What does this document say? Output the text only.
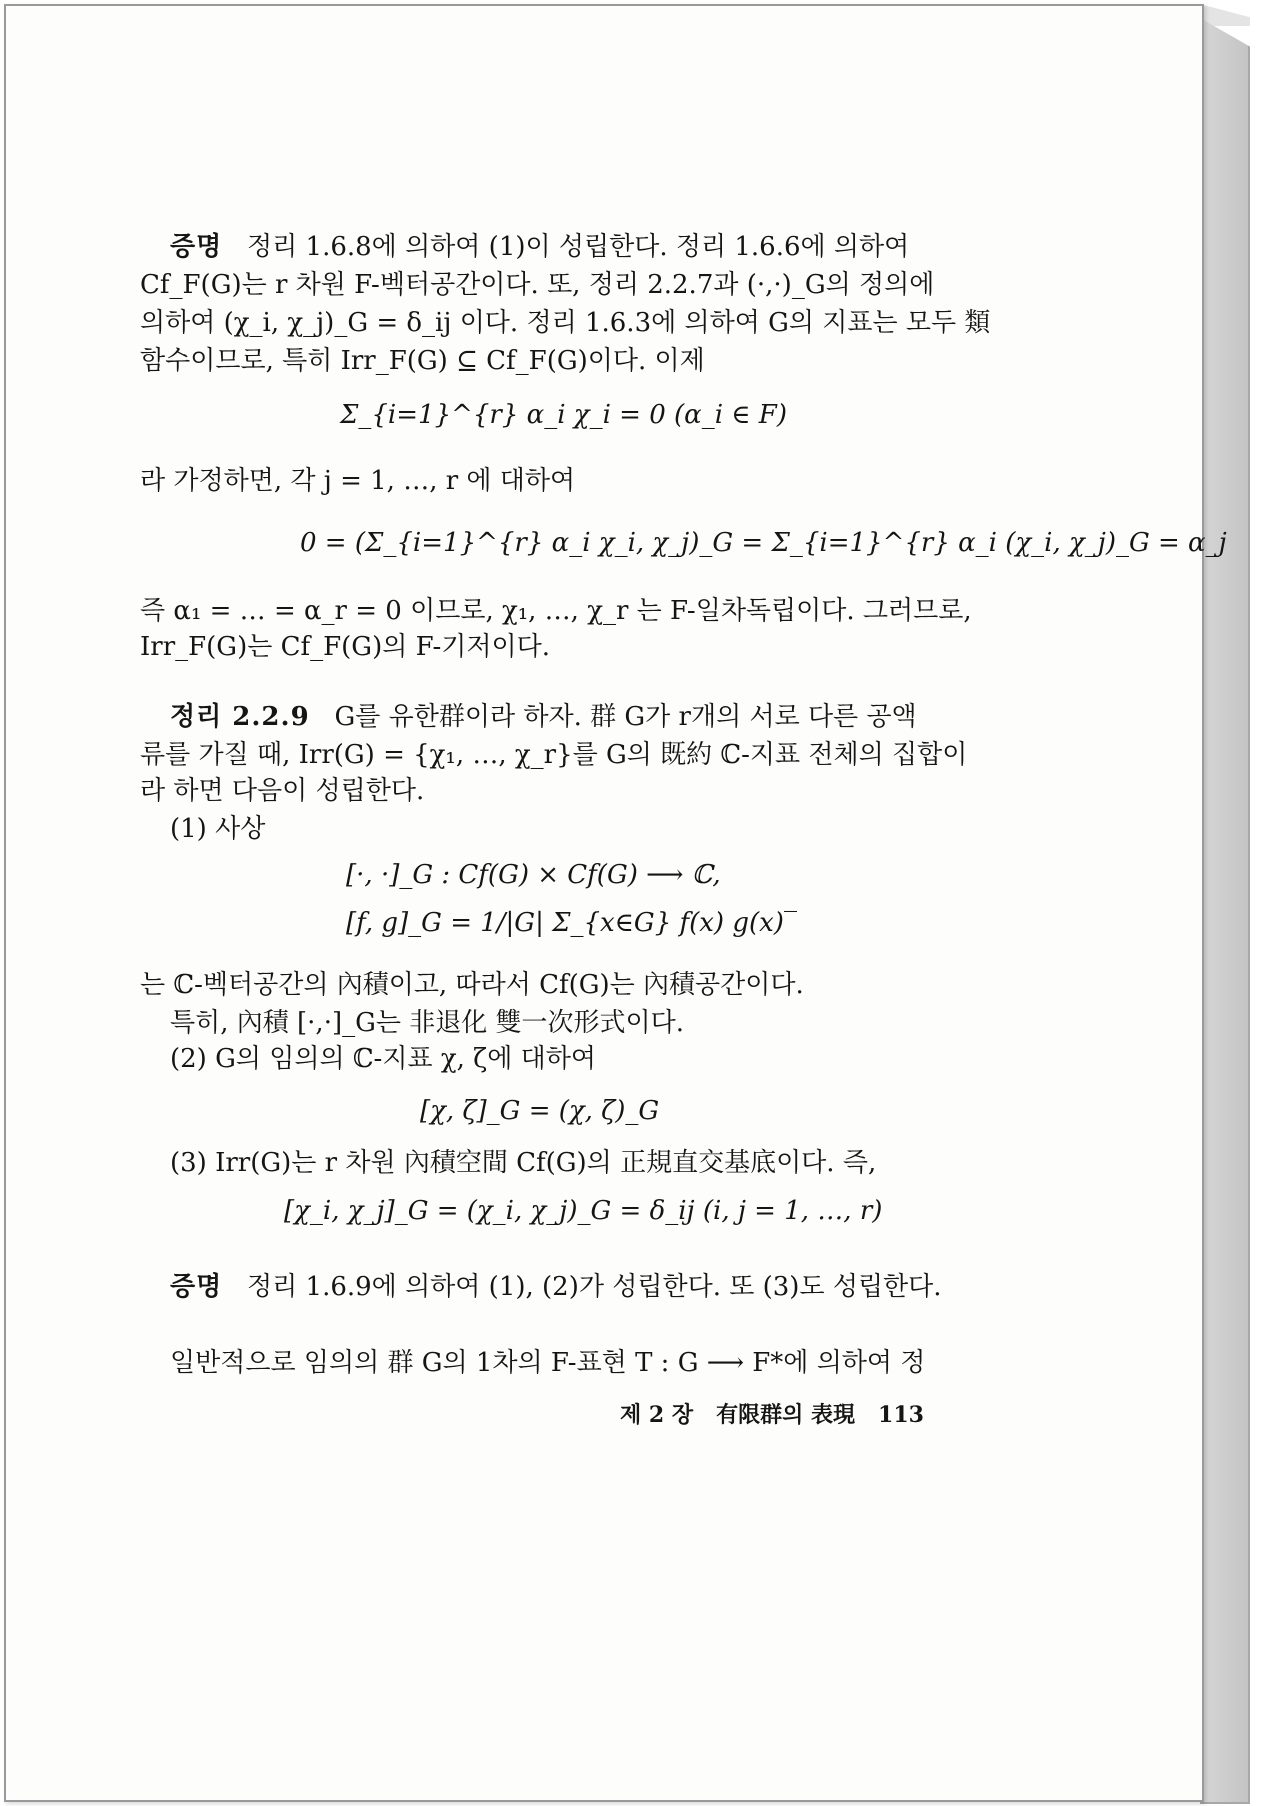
증명 정리 1.6.8에 의하여 (1)이 성립한다. 정리 1.6.6에 의하여
Cf_F(G)는 r 차원 F-벡터공간이다. 또, 정리 2.2.7과 (·,·)_G의 정의에
의하여 (χ_i, χ_j)_G = δ_ij 이다. 정리 1.6.3에 의하여 G의 지표는 모두 類
함수이므로, 특히 Irr_F(G) ⊆ Cf_F(G)이다. 이제
Σ_{i=1}^{r} α_i χ_i = 0 (α_i ∈ F)
라 가정하면, 각 j = 1, …, r 에 대하여
0 = (Σ_{i=1}^{r} α_i χ_i, χ_j)_G = Σ_{i=1}^{r} α_i (χ_i, χ_j)_G = α_j
즉 α₁ = … = α_r = 0 이므로, χ₁, …, χ_r 는 F-일차독립이다. 그러므로,
Irr_F(G)는 Cf_F(G)의 F-기저이다.
정리 2.2.9 G를 유한群이라 하자. 群 G가 r개의 서로 다른 공액
류를 가질 때, Irr(G) = {χ₁, …, χ_r}를 G의 既約 ℂ-지표 전체의 집합이
라 하면 다음이 성립한다.
(1) 사상
[·, ·]_G : Cf(G) × Cf(G) ⟶ ℂ,
[f, g]_G = 1/|G| Σ_{x∈G} f(x) g(x)‾
는 ℂ-벡터공간의 內積이고, 따라서 Cf(G)는 內積공간이다.
특히, 內積 [·,·]_G는 非退化 雙一次形式이다.
(2) G의 임의의 ℂ-지표 χ, ζ에 대하여
[χ, ζ]_G = (χ, ζ)_G
(3) Irr(G)는 r 차원 內積空間 Cf(G)의 正規直交基底이다. 즉,
[χ_i, χ_j]_G = (χ_i, χ_j)_G = δ_ij (i, j = 1, …, r)
증명 정리 1.6.9에 의하여 (1), (2)가 성립한다. 또 (3)도 성립한다.
일반적으로 임의의 群 G의 1차의 F-표현 T : G ⟶ F*에 의하여 정
제 2 장 有限群의 表現 113
